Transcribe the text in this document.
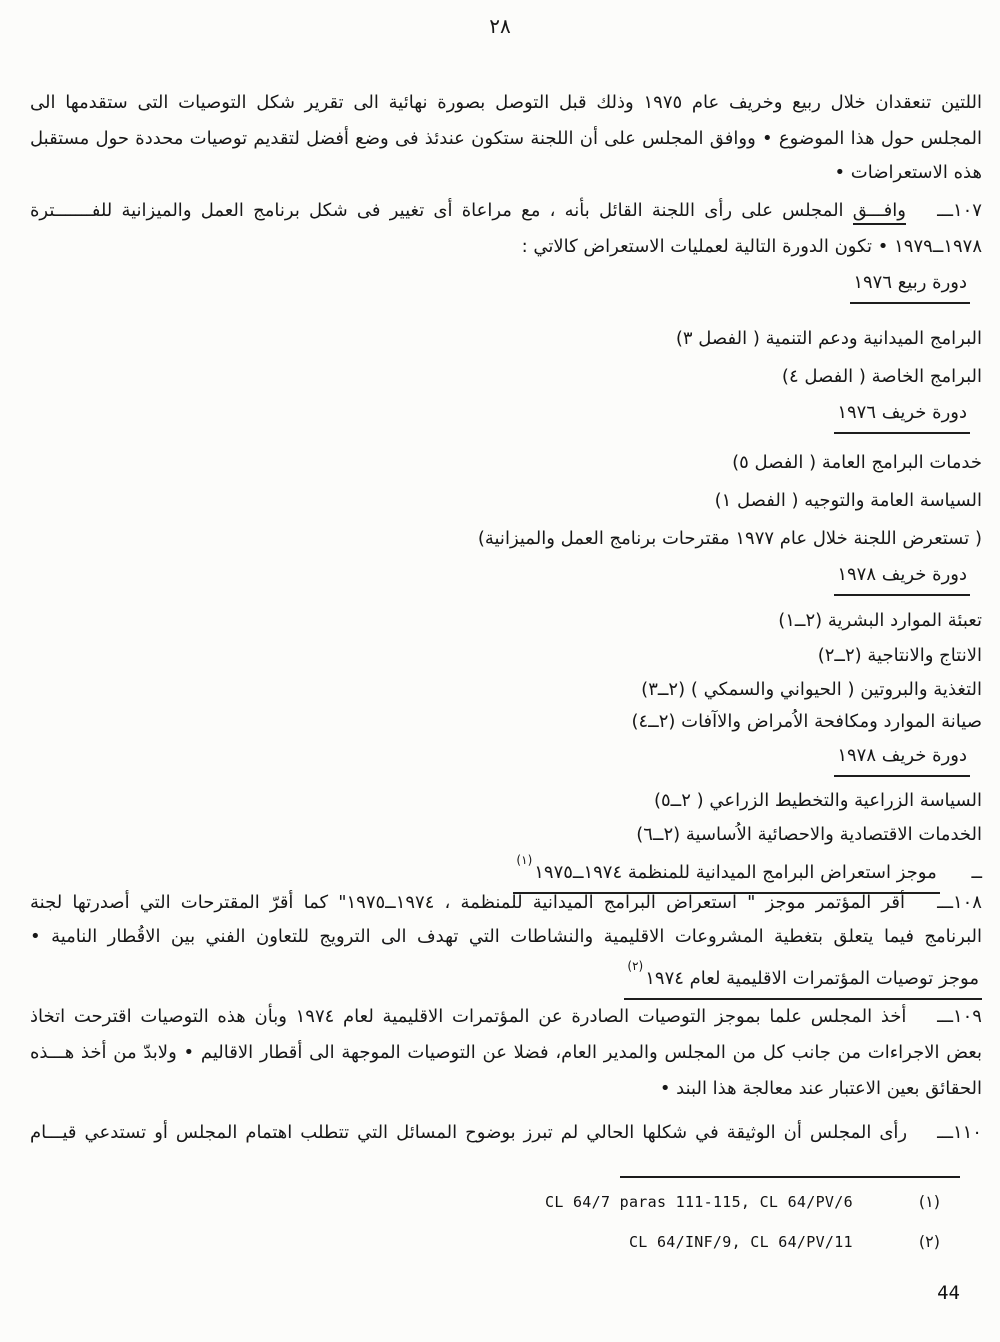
٢٨
اللتين تنعقدان خلال ربيع وخريف عام ١٩٧٥ وذلك قبل التوصل بصورة نهائية الى تقرير شكل التوصيات التى ستقدمها الى
المجلس حول هذا الموضوع • ووافق المجلس على أن اللجنة ستكون عندئذ فى وضع أفضل لتقديم توصيات محددة حول مستقبل
هذه الاستعراضات •
١٠٧ـــ وافـــق المجلس على رأى اللجنة القائل بأنه ، مع مراعاة أى تغيير فى شكل برنامج العمل والميزانية للفـــــــترة
١٩٧٨ــ١٩٧٩ • تكون الدورة التالية لعمليات الاستعراض كالاتي :
دورة ربيع ١٩٧٦
البرامج الميدانية ودعم التنمية ( الفصل ٣)
البرامج الخاصة ( الفصل ٤)
دورة خريف ١٩٧٦
خدمات البرامج العامة ( الفصل ٥)
السياسة العامة والتوجيه ( الفصل ١)
( تستعرض اللجنة خلال عام ١٩٧٧ مقترحات برنامج العمل والميزانية)
دورة خريف ١٩٧٨
تعبئة الموارد البشرية (٢ــ١)
الانتاج والانتاجية (٢ــ٢)
التغذية والبروتين ( الحيواني والسمكي ) (٢ــ٣)
صيانة الموارد ومكافحة الاُمراض والاآفات (٢ــ٤)
دورة خريف ١٩٧٨
السياسة الزراعية والتخطيط الزراعي ( ٢ــ٥)
الخدمات الاقتصادية والاحصائية الاُساسية (٢ــ٦)
ــ موجز استعراض البرامج الميدانية للمنظمة ١٩٧٤ــ١٩٧٥$^{(١)}$
١٠٨ـــ أقر المؤتمر موجز " استعراض البرامج الميدانية للمنظمة ، ١٩٧٤ــ١٩٧٥" كما أقرّ المقترحات التي أصدرتها لجنة
البرنامج فيما يتعلق بتغطية المشروعات الاقليمية والنشاطات التي تهدف الى الترويج للتعاون الفني بين الاقُطار النامية •
موجز توصيات المؤتمرات الاقليمية لعام ١٩٧٤$^{(٢)}$
١٠٩ـــ أخذ المجلس علما بموجز التوصيات الصادرة عن المؤتمرات الاقليمية لعام ١٩٧٤ وبأن هذه التوصيات اقترحت اتخاذ
بعض الاجراءات من جانب كل من المجلس والمدير العام، فضلا عن التوصيات الموجهة الى أقطار الاقاليم • ولابدّ من أخذ هـــذه
الحقائق بعين الاعتبار عند معالجة هذا البند •
١١٠ـــ رأى المجلس أن الوثيقة في شكلها الحالي لم تبرز بوضوح المسائل التي تتطلب اهتمام المجلس أو تستدعي قيـــام
(١)
CL 64/7 paras 111-115, CL 64/PV/6
(٢)
CL 64/INF/9, CL 64/PV/11
44
